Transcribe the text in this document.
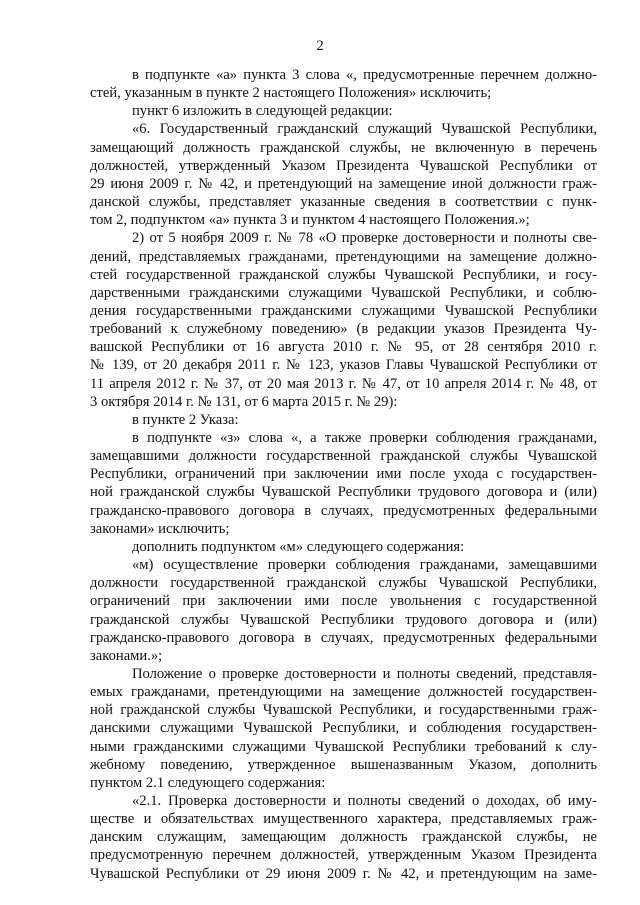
2
в подпункте «а» пункта 3 слова «, предусмотренные перечнем должно-
стей, указанным в пункте 2 настоящего Положения» исключить;
пункт 6 изложить в следующей редакции:
«6. Государственный гражданский служащий Чувашской Республики,
замещающий должность гражданской службы, не включенную в перечень
должностей, утвержденный Указом Президента Чувашской Республики от
29 июня 2009 г. № 42, и претендующий на замещение иной должности граж-
данской службы, представляет указанные сведения в соответствии с пунк-
том 2, подпунктом «а» пункта 3 и пунктом 4 настоящего Положения.»;
2) от 5 ноября 2009 г. № 78 «О проверке достоверности и полноты све-
дений, представляемых гражданами, претендующими на замещение должно-
стей государственной гражданской службы Чувашской Республики, и госу-
дарственными гражданскими служащими Чувашской Республики, и соблю-
дения государственными гражданскими служащими Чувашской Республики
требований к служебному поведению» (в редакции указов Президента Чу-
вашской Республики от 16 августа 2010 г. № 95, от 28 сентября 2010 г.
№ 139, от 20 декабря 2011 г. № 123, указов Главы Чувашской Республики от
11 апреля 2012 г. № 37, от 20 мая 2013 г. № 47, от 10 апреля 2014 г. № 48, от
3 октября 2014 г. № 131, от 6 марта 2015 г. № 29):
в пункте 2 Указа:
в подпункте «з» слова «, а также проверки соблюдения гражданами,
замещавшими должности государственной гражданской службы Чувашской
Республики, ограничений при заключении ими после ухода с государствен-
ной гражданской службы Чувашской Республики трудового договора и (или)
гражданско-правового договора в случаях, предусмотренных федеральными
законами» исключить;
дополнить подпунктом «м» следующего содержания:
«м) осуществление проверки соблюдения гражданами, замещавшими
должности государственной гражданской службы Чувашской Республики,
ограничений при заключении ими после увольнения с государственной
гражданской службы Чувашской Республики трудового договора и (или)
гражданско-правового договора в случаях, предусмотренных федеральными
законами.»;
Положение о проверке достоверности и полноты сведений, представля-
емых гражданами, претендующими на замещение должностей государствен-
ной гражданской службы Чувашской Республики, и государственными граж-
данскими служащими Чувашской Республики, и соблюдения государствен-
ными гражданскими служащими Чувашской Республики требований к слу-
жебному поведению, утвержденное вышеназванным Указом, дополнить
пунктом 2.1 следующего содержания:
«2.1. Проверка достоверности и полноты сведений о доходах, об иму-
ществе и обязательствах имущественного характера, представляемых граж-
данским служащим, замещающим должность гражданской службы, не
предусмотренную перечнем должностей, утвержденным Указом Президента
Чувашской Республики от 29 июня 2009 г. № 42, и претендующим на заме-
